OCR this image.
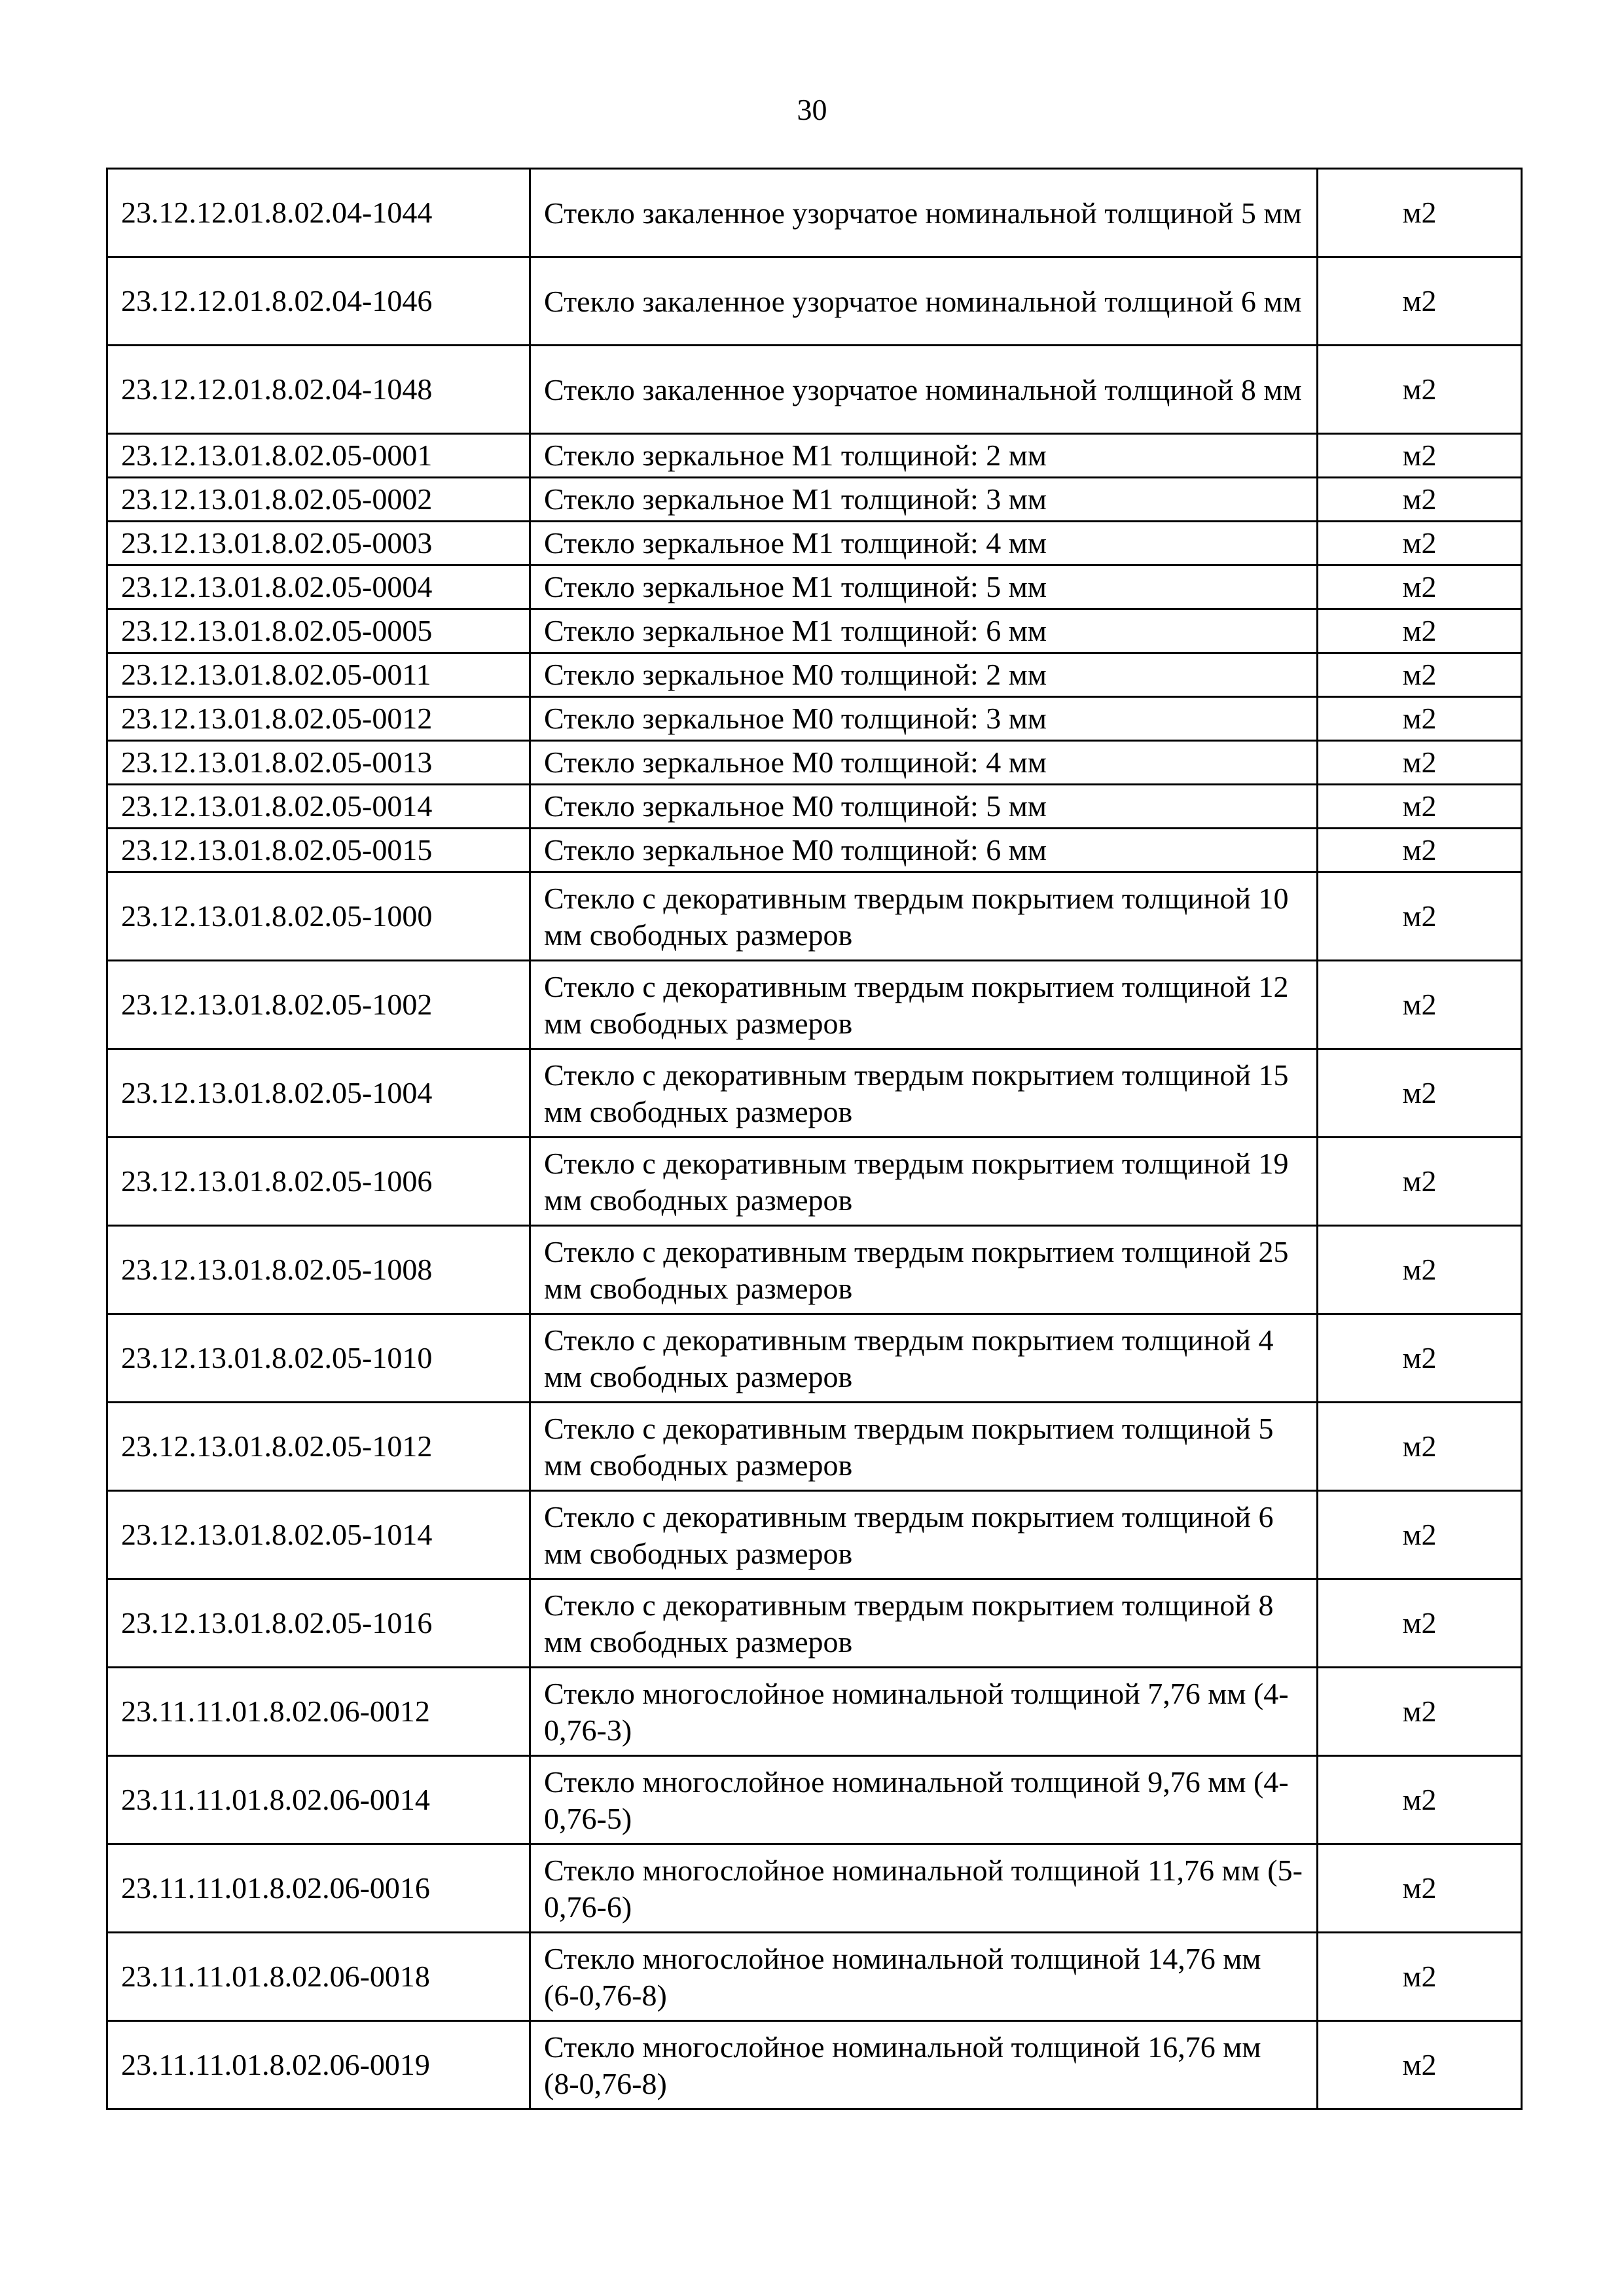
30
23.12.12.01.8.02.04-1044	Стекло закаленное узорчатое номинальной толщиной 5 мм	м2
23.12.12.01.8.02.04-1046	Стекло закаленное узорчатое номинальной толщиной 6 мм	м2
23.12.12.01.8.02.04-1048	Стекло закаленное узорчатое номинальной толщиной 8 мм	м2
23.12.13.01.8.02.05-0001	Стекло зеркальное М1 толщиной: 2 мм	м2
23.12.13.01.8.02.05-0002	Стекло зеркальное М1 толщиной: 3 мм	м2
23.12.13.01.8.02.05-0003	Стекло зеркальное М1 толщиной: 4 мм	м2
23.12.13.01.8.02.05-0004	Стекло зеркальное М1 толщиной: 5 мм	м2
23.12.13.01.8.02.05-0005	Стекло зеркальное М1 толщиной: 6 мм	м2
23.12.13.01.8.02.05-0011	Стекло зеркальное М0 толщиной: 2 мм	м2
23.12.13.01.8.02.05-0012	Стекло зеркальное М0 толщиной: 3 мм	м2
23.12.13.01.8.02.05-0013	Стекло зеркальное М0 толщиной: 4 мм	м2
23.12.13.01.8.02.05-0014	Стекло зеркальное М0 толщиной: 5 мм	м2
23.12.13.01.8.02.05-0015	Стекло зеркальное М0 толщиной: 6 мм	м2
23.12.13.01.8.02.05-1000	Стекло с декоративным твердым покрытием толщиной 10 мм свободных размеров	м2
23.12.13.01.8.02.05-1002	Стекло с декоративным твердым покрытием толщиной 12 мм свободных размеров	м2
23.12.13.01.8.02.05-1004	Стекло с декоративным твердым покрытием толщиной 15 мм свободных размеров	м2
23.12.13.01.8.02.05-1006	Стекло с декоративным твердым покрытием толщиной 19 мм свободных размеров	м2
23.12.13.01.8.02.05-1008	Стекло с декоративным твердым покрытием толщиной 25 мм свободных размеров	м2
23.12.13.01.8.02.05-1010	Стекло с декоративным твердым покрытием толщиной 4 мм свободных размеров	м2
23.12.13.01.8.02.05-1012	Стекло с декоративным твердым покрытием толщиной 5 мм свободных размеров	м2
23.12.13.01.8.02.05-1014	Стекло с декоративным твердым покрытием толщиной 6 мм свободных размеров	м2
23.12.13.01.8.02.05-1016	Стекло с декоративным твердым покрытием толщиной 8 мм свободных размеров	м2
23.11.11.01.8.02.06-0012	Стекло многослойное номинальной толщиной 7,76 мм (4-0,76-3)	м2
23.11.11.01.8.02.06-0014	Стекло многослойное номинальной толщиной 9,76 мм (4-0,76-5)	м2
23.11.11.01.8.02.06-0016	Стекло многослойное номинальной толщиной 11,76 мм (5-0,76-6)	м2
23.11.11.01.8.02.06-0018	Стекло многослойное номинальной толщиной 14,76 мм (6-0,76-8)	м2
23.11.11.01.8.02.06-0019	Стекло многослойное номинальной толщиной 16,76 мм (8-0,76-8)	м2
